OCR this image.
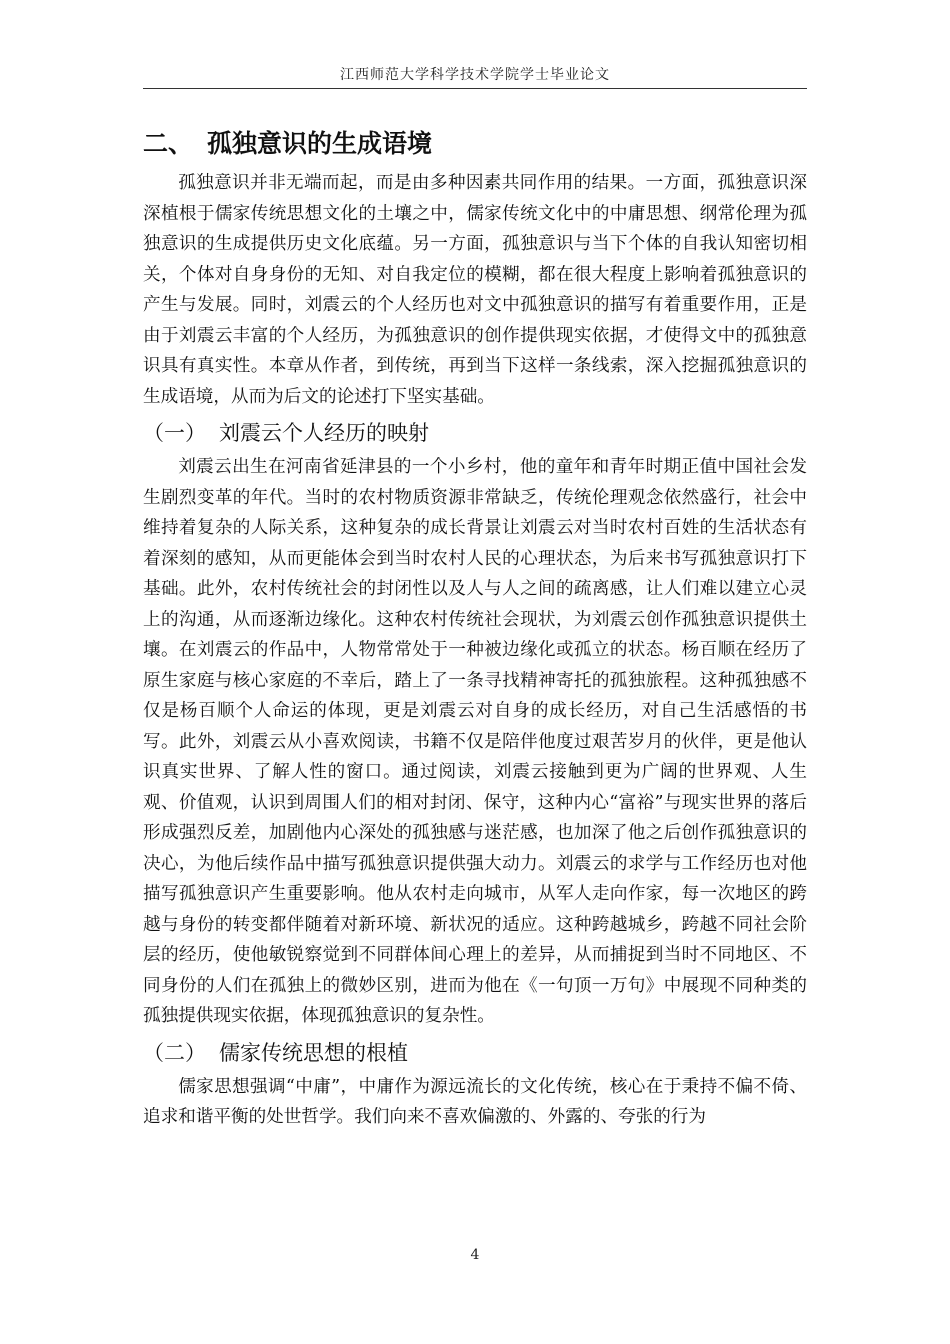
江西师范大学科学技术学院学士毕业论文
二、 孤独意识的生成语境

孤独意识并非无端而起，而是由多种因素共同作用的结果。一方面，孤独意识深深植根于儒家传统思想文化的土壤之中，儒家传统文化中的中庸思想、纲常伦理为孤独意识的生成提供历史文化底蕴。另一方面，孤独意识与当下个体的自我认知密切相关，个体对自身身份的无知、对自我定位的模糊，都在很大程度上影响着孤独意识的产生与发展。同时，刘震云的个人经历也对文中孤独意识的描写有着重要作用，正是由于刘震云丰富的个人经历，为孤独意识的创作提供现实依据，才使得文中的孤独意识具有真实性。本章从作者，到传统，再到当下这样一条线索，深入挖掘孤独意识的生成语境，从而为后文的论述打下坚实基础。

（一） 刘震云个人经历的映射

刘震云出生在河南省延津县的一个小乡村，他的童年和青年时期正值中国社会发生剧烈变革的年代。当时的农村物质资源非常缺乏，传统伦理观念依然盛行，社会中维持着复杂的人际关系，这种复杂的成长背景让刘震云对当时农村百姓的生活状态有着深刻的感知，从而更能体会到当时农村人民的心理状态，为后来书写孤独意识打下基础。此外，农村传统社会的封闭性以及人与人之间的疏离感，让人们难以建立心灵上的沟通，从而逐渐边缘化。这种农村传统社会现状，为刘震云创作孤独意识提供土壤。在刘震云的作品中，人物常常处于一种被边缘化或孤立的状态。杨百顺在经历了原生家庭与核心家庭的不幸后，踏上了一条寻找精神寄托的孤独旅程。这种孤独感不仅是杨百顺个人命运的体现，更是刘震云对自身的成长经历，对自己生活感悟的书写。此外，刘震云从小喜欢阅读，书籍不仅是陪伴他度过艰苦岁月的伙伴，更是他认识真实世界、了解人性的窗口。通过阅读，刘震云接触到更为广阔的世界观、人生观、价值观，认识到周围人们的相对封闭、保守，这种内心“富裕”与现实世界的落后形成强烈反差，加剧他内心深处的孤独感与迷茫感，也加深了他之后创作孤独意识的决心，为他后续作品中描写孤独意识提供强大动力。刘震云的求学与工作经历也对他描写孤独意识产生重要影响。他从农村走向城市，从军人走向作家，每一次地区的跨越与身份的转变都伴随着对新环境、新状况的适应。这种跨越城乡，跨越不同社会阶层的经历，使他敏锐察觉到不同群体间心理上的差异，从而捕捉到当时不同地区、不同身份的人们在孤独上的微妙区别，进而为他在《一句顶一万句》中展现不同种类的孤独提供现实依据，体现孤独意识的复杂性。

（二） 儒家传统思想的根植

儒家思想强调“中庸”，中庸作为源远流长的文化传统，核心在于秉持不偏不倚、追求和谐平衡的处世哲学。我们向来不喜欢偏激的、外露的、夸张的行为

4
